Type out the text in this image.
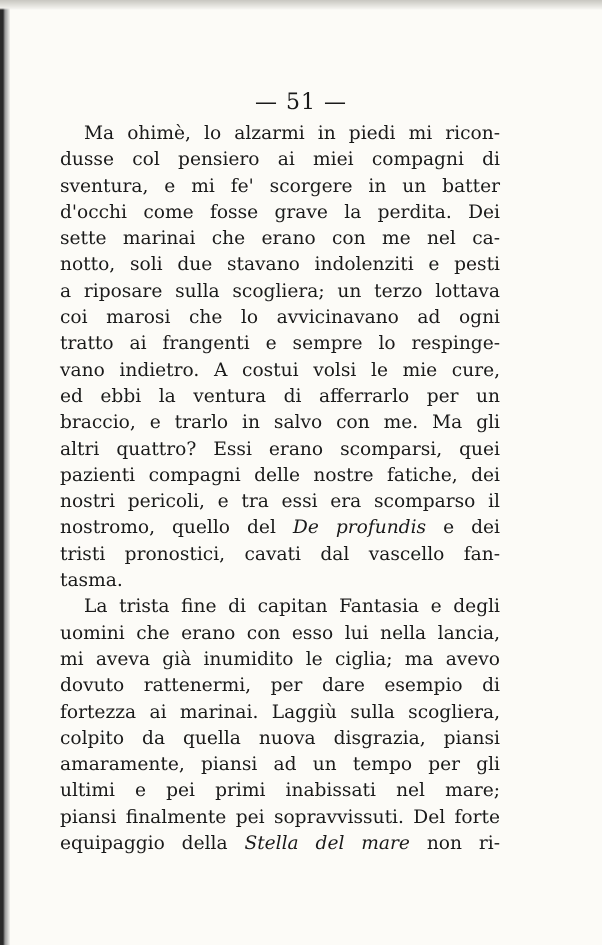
— 51 —
Ma ohimè, lo alzarmi in piedi mi ricon-
dusse col pensiero ai miei compagni di
sventura, e mi fe' scorgere in un batter
d'occhi come fosse grave la perdita. Dei
sette marinai che erano con me nel ca-
notto, soli due stavano indolenziti e pesti
a riposare sulla scogliera; un terzo lottava
coi marosi che lo avvicinavano ad ogni
tratto ai frangenti e sempre lo respinge-
vano indietro. A costui volsi le mie cure,
ed ebbi la ventura di afferrarlo per un
braccio, e trarlo in salvo con me. Ma gli
altri quattro? Essi erano scomparsi, quei
pazienti compagni delle nostre fatiche, dei
nostri pericoli, e tra essi era scomparso il
nostromo, quello del De profundis e dei
tristi pronostici, cavati dal vascello fan-
tasma.
La trista fine di capitan Fantasia e degli
uomini che erano con esso lui nella lancia,
mi aveva già inumidito le ciglia; ma avevo
dovuto rattenermi, per dare esempio di
fortezza ai marinai. Laggiù sulla scogliera,
colpito da quella nuova disgrazia, piansi
amaramente, piansi ad un tempo per gli
ultimi e pei primi inabissati nel mare;
piansi finalmente pei sopravvissuti. Del forte
equipaggio della Stella del mare non ri-
